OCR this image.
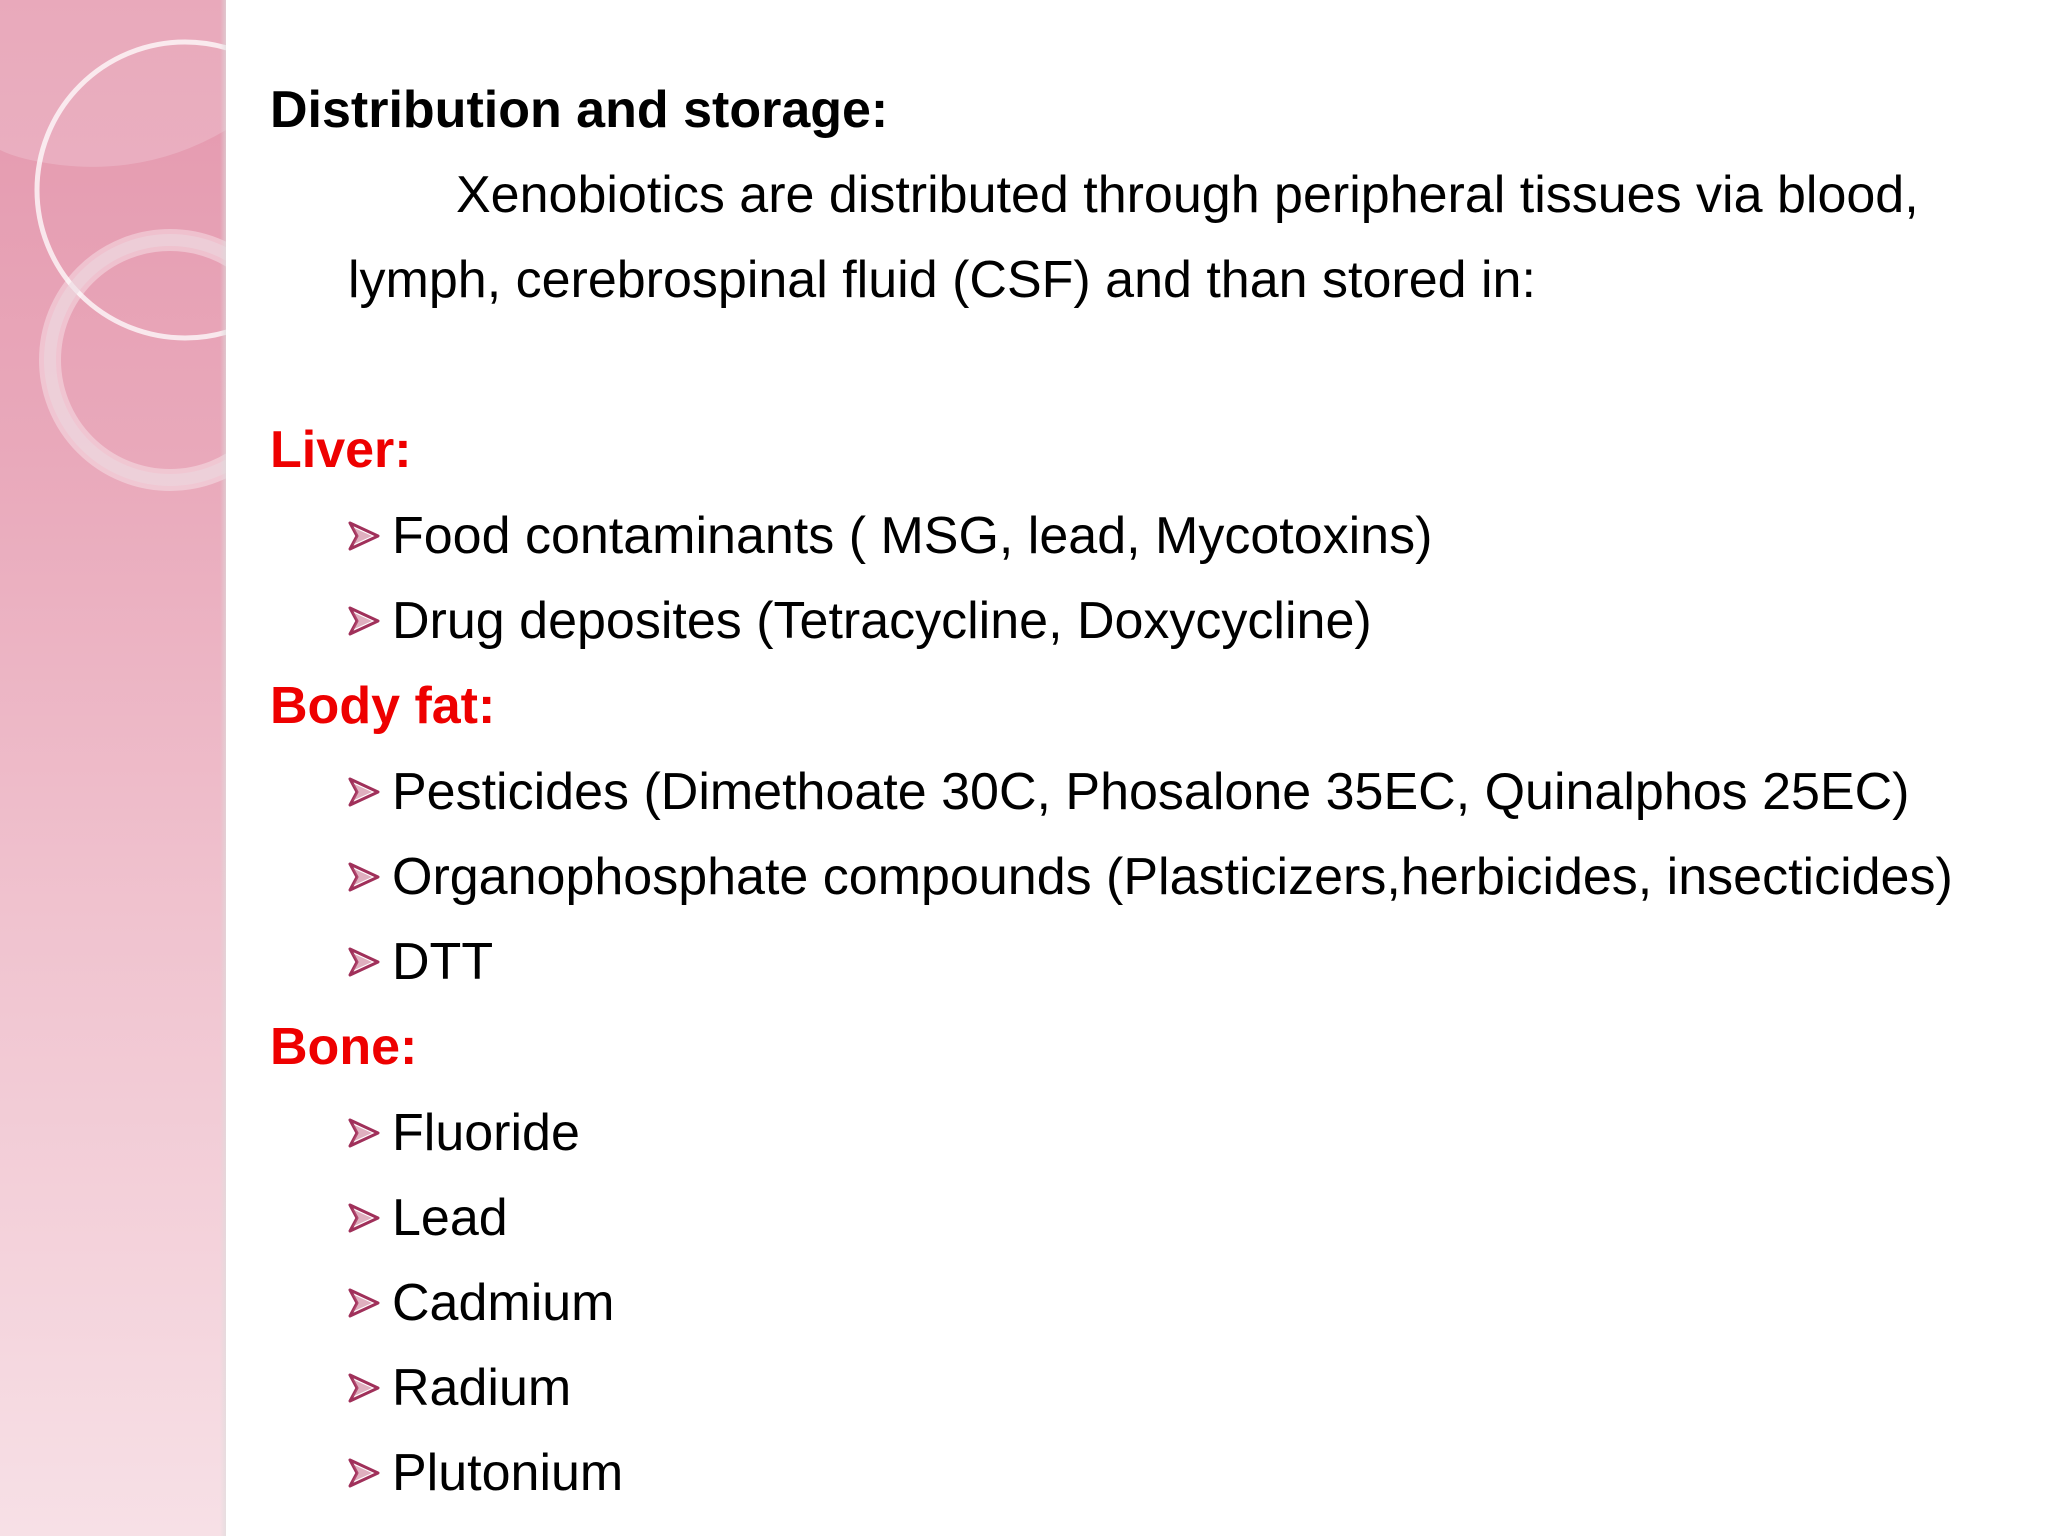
Distribution and storage:
Xenobiotics are distributed through peripheral tissues via blood,
lymph, cerebrospinal fluid (CSF) and than stored in:
Liver:
Food contaminants ( MSG, lead, Mycotoxins)
Drug deposites (Tetracycline, Doxycycline)
Body fat:
Pesticides (Dimethoate 30C, Phosalone 35EC, Quinalphos 25EC)
Organophosphate compounds (Plasticizers,herbicides, insecticides)
DTT
Bone:
Fluoride
Lead
Cadmium
Radium
Plutonium
